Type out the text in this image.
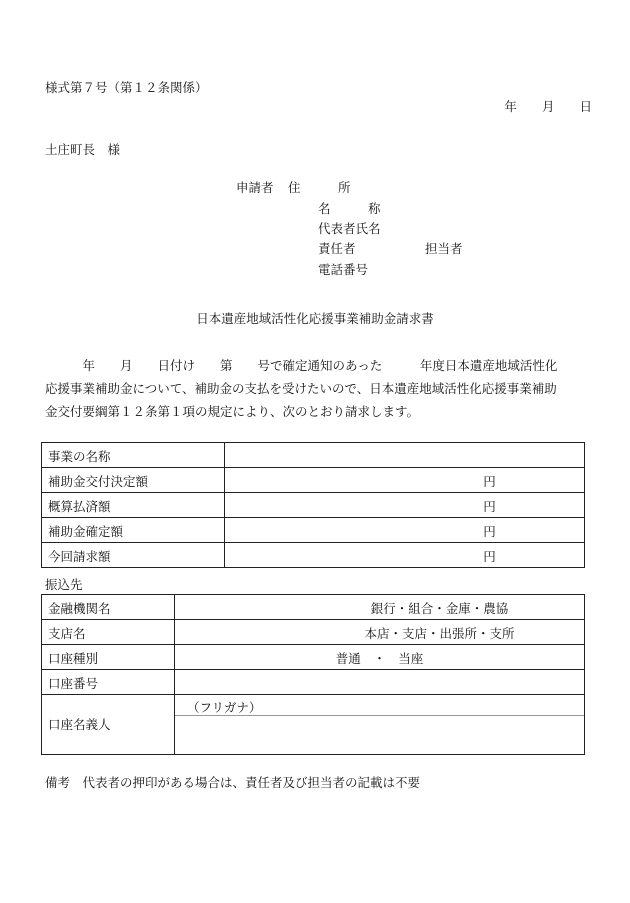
様式第７号（第１２条関係）
年　　月　　日
土庄町長　様
申請者 住　　　所
名　　　称
代表者氏名
責任者	担当者
電話番号
日本遺産地域活性化応援事業補助金請求書
　　　年　　月　　日付け　　第　　号で確定通知のあった　　　年度日本遺産地域活性化
応援事業補助金について、補助金の支払を受けたいので、日本遺産地域活性化応援事業補助
金交付要綱第１２条第１項の規定により、次のとおり請求します。
事業の名称	
補助金交付決定額	円
概算払済額	円
補助金確定額	円
今回請求額	円
振込先
金融機関名	銀行・組合・金庫・農協
支店名	本店・支店・出張所・支所
口座種別	普通　・　当座
口座番号	
口座名義人	（フリガナ）
備考　代表者の押印がある場合は、責任者及び担当者の記載は不要
